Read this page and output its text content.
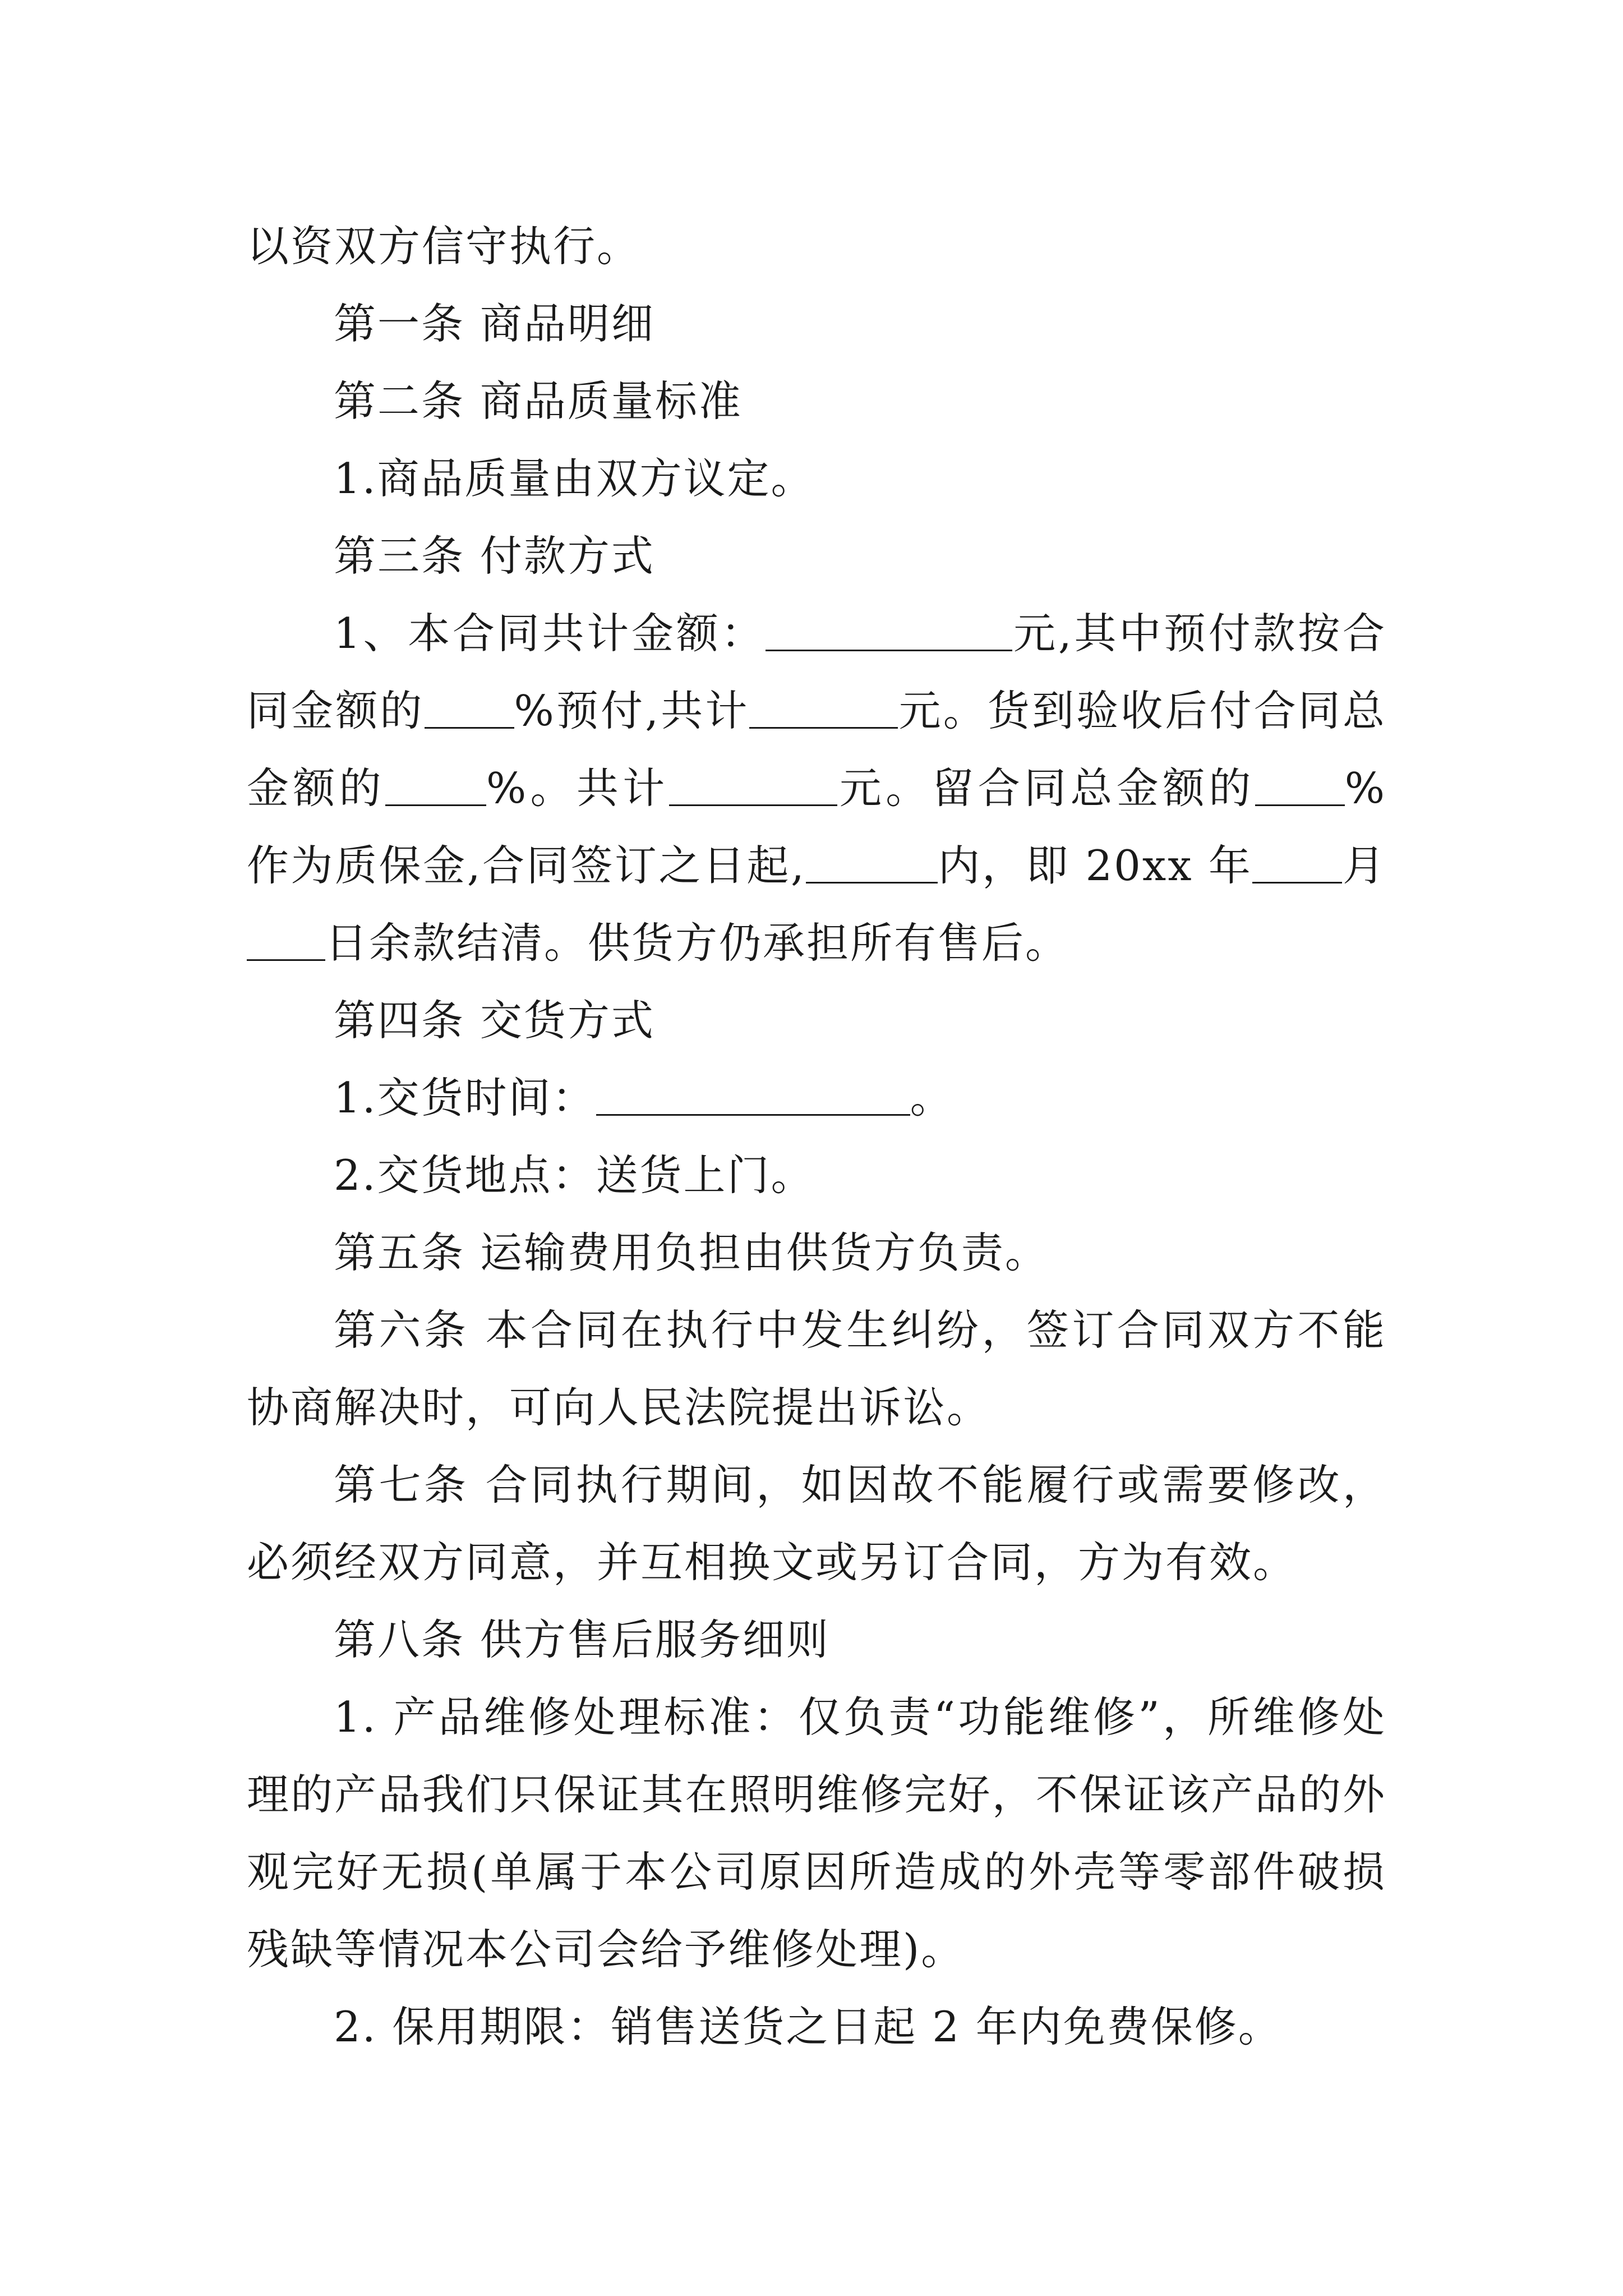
以资双方信守执行。

第一条 商品明细

第二条 商品质量标准

1.商品质量由双方议定。

第三条 付款方式

1、本合同共计金额：	元,其中预付款按合同金额的 %预付,共计	元。货到验收后付合同总金额的 %。共计	元。留合同总金额的 %作为质保金,合同签订之日起,	内，即 20xx 年 月日余款结清。供货方仍承担所有售后。

第四条 交货方式

1.交货时间：	。

2.交货地点：送货上门。

第五条 运输费用负担由供货方负责。

第六条 本合同在执行中发生纠纷，签订合同双方不能协商解决时，可向人民法院提出诉讼。

第七条 合同执行期间，如因故不能履行或需要修改，必须经双方同意，并互相换文或另订合同，方为有效。

第八条 供方售后服务细则

1. 产品维修处理标准：仅负责“功能维修”，所维修处理的产品我们只保证其在照明维修完好，不保证该产品的外观完好无损(单属于本公司原因所造成的外壳等零部件破损残缺等情况本公司会给予维修处理)。

2. 保用期限：销售送货之日起 2 年内免费保修。
